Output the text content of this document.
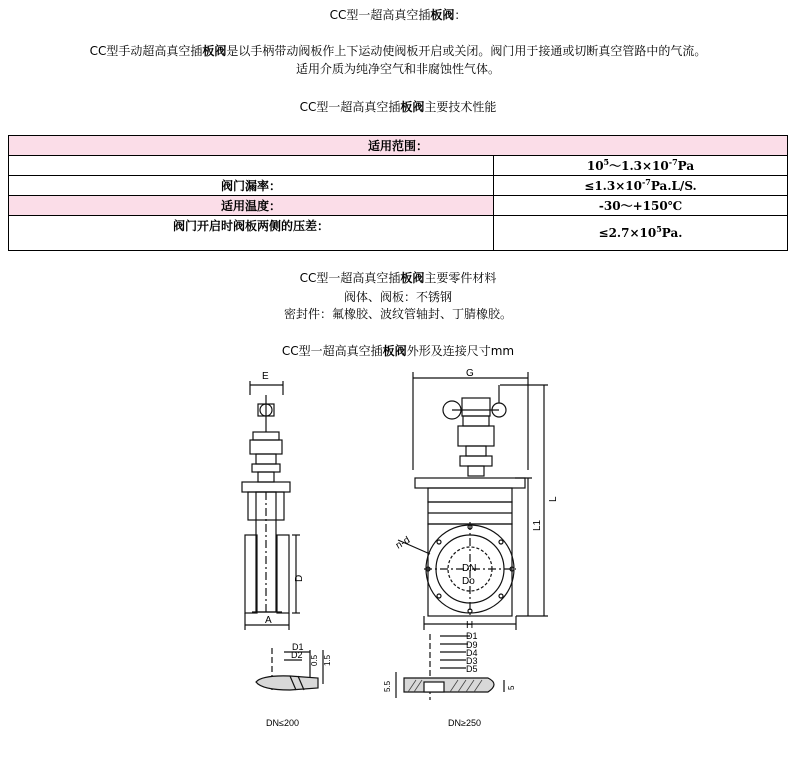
CC型一超高真空插板阀：
CC型手动超高真空插板阀是以手柄带动阀板作上下运动使阀板开启或关闭。阀门用于接通或切断真空管路中的气流。
适用介质为纯净空气和非腐蚀性气体。
CC型一超高真空插板阀主要技术性能
适用范围：	
	$10^5\sim 1.3\times 10^{-7}Pa$
阀门漏率：	$\le 1.3\times 10^{-7}Pa.L/S$.
适用温度：	-30～+150℃
阀门开启时阀板两侧的压差：	$\le 2.7\times 10^5Pa$.
CC型一超高真空插板阀主要零件材料
阀体、阀板：不锈钢
密封件：氟橡胶、波纹管轴封、丁腈橡胶。
CC型一超高真空插板阀外形及连接尺寸mm
E	G
A	H
D
L1
L
n-d
DN
Do
D1
D2 0.5 1.5
D1
D9
D4
D3
D5
5.5	5
DN≤200	DN≥250
